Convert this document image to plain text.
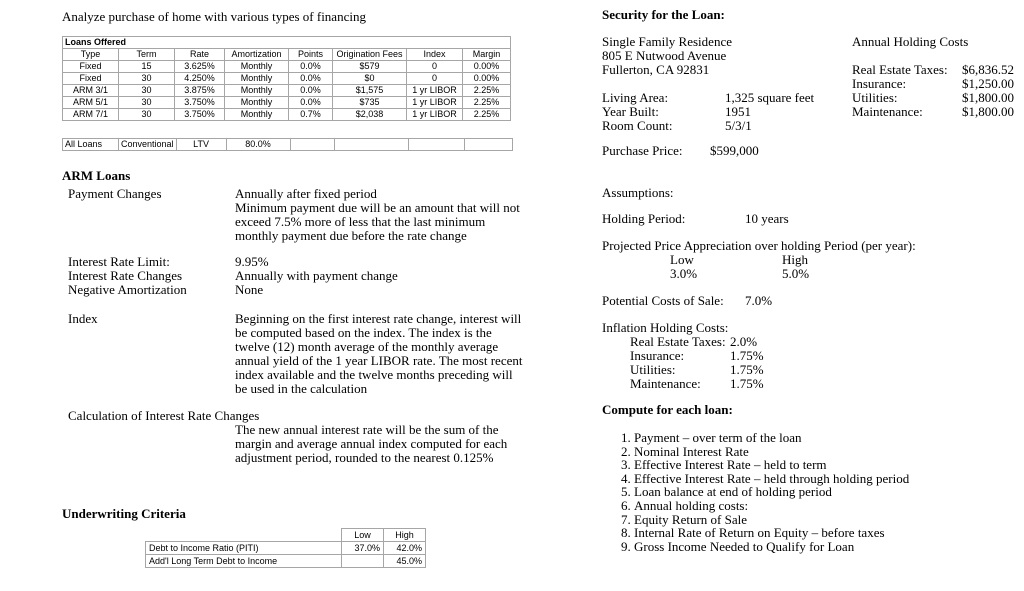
Analyze purchase of home with various types of financing
Loans Offered							
Type	Term	Rate	Amortization	Points	Origination Fees	Index	Margin
Fixed	15	3.625%	Monthly	0.0%	$579	0	0.00%
Fixed	30	4.250%	Monthly	0.0%	$0	0	0.00%
ARM 3/1	30	3.875%	Monthly	0.0%	$1,575	1 yr LIBOR	2.25%
ARM 5/1	30	3.750%	Monthly	0.0%	$735	1 yr LIBOR	2.25%
ARM 7/1	30	3.750%	Monthly	0.7%	$2,038	1 yr LIBOR	2.25%
All Loans	Conventional	LTV	80.0%				
ARM Loans
Payment Changes	Annually after fixed period
Minimum payment due will be an amount that will not exceed 7.5% more of less that the last minimum monthly payment due before the rate change
Interest Rate Limit:	9.95%
Interest Rate Changes	Annually with payment change
Negative Amortization	None
Index	Beginning on the first interest rate change, interest will be computed based on the index. The index is the twelve (12) month average of the monthly average annual yield of the 1 year LIBOR rate. The most recent index available and the twelve months preceding will be used in the calculation
Calculation of Interest Rate Changes
The new annual interest rate will be the sum of the margin and average annual index computed for each adjustment period, rounded to the nearest 0.125%
Underwriting Criteria
	Low	High
Debt to Income Ratio (PITI)	37.0%	42.0%
Add'l Long Term Debt to Income		45.0%
Security for the Loan:
Single Family Residence
805 E Nutwood Avenue
Fullerton, CA 92831
Living Area:	1,325 square feet
Year Built:	1951
Room Count:	5/3/1
Annual Holding Costs
Real Estate Taxes: $6,836.52
Insurance:	$1,250.00
Utilities:	$1,800.00
Maintenance:	$1,800.00
Purchase Price: $599,000
Assumptions:
Holding Period:	10 years
Projected Price Appreciation over holding Period (per year):
Low	High
3.0%	5.0%
Potential Costs of Sale: 7.0%
Inflation Holding Costs:
Real Estate Taxes: 2.0%
Insurance:	1.75%
Utilities:	1.75%
Maintenance: 1.75%
Compute for each loan:
1. Payment – over term of the loan
2. Nominal Interest Rate
3. Effective Interest Rate – held to term
4. Effective Interest Rate – held through holding period
5. Loan balance at end of holding period
6. Annual holding costs:
7. Equity Return of Sale
8. Internal Rate of Return on Equity – before taxes
9. Gross Income Needed to Qualify for Loan
